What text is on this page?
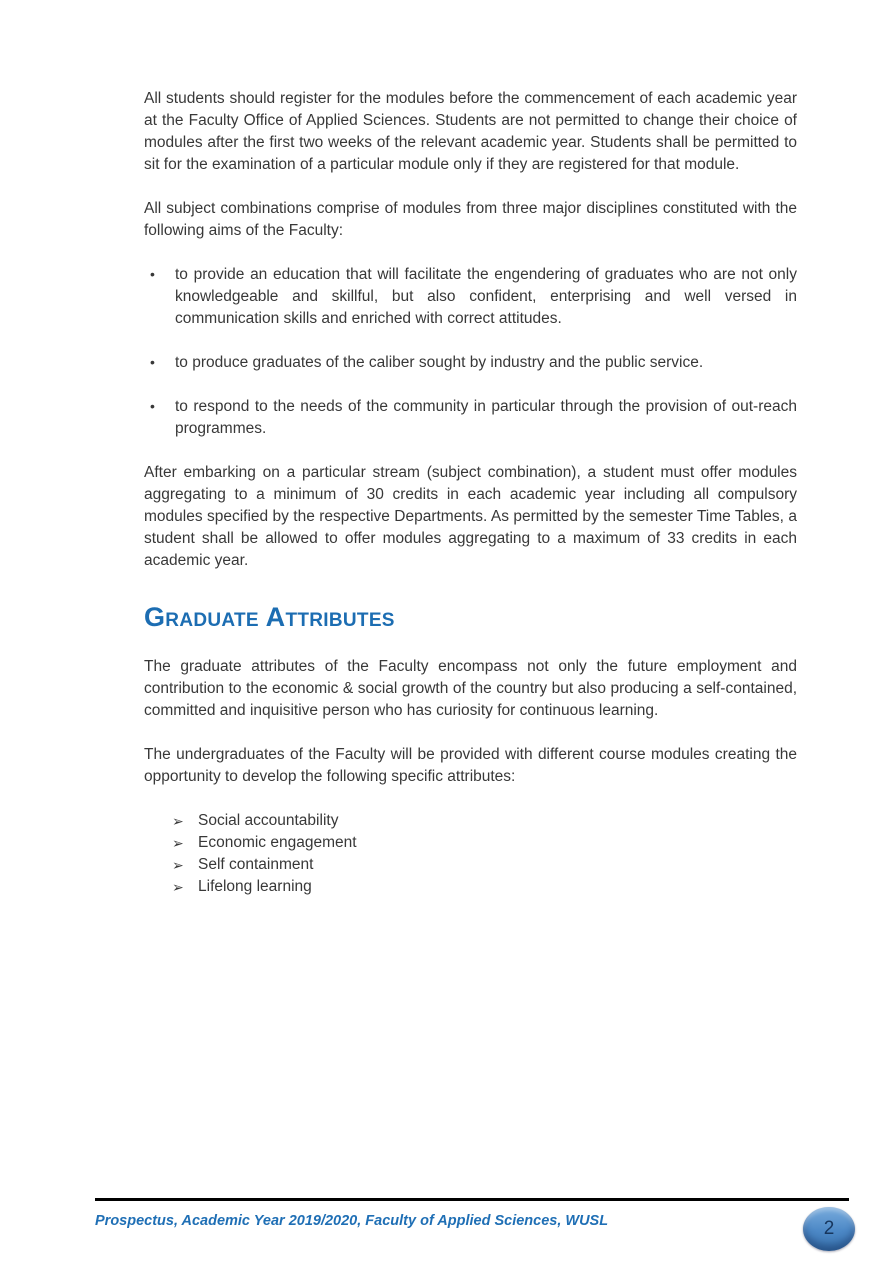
All students should register for the modules before the commencement of each academic year at the Faculty Office of Applied Sciences. Students are not permitted to change their choice of modules after the first two weeks of the relevant academic year. Students shall be permitted to sit for the examination of a particular module only if they are registered for that module.

All subject combinations comprise of modules from three major disciplines constituted with the following aims of the Faculty:

• to provide an education that will facilitate the engendering of graduates who are not only knowledgeable and skillful, but also confident, enterprising and well versed in communication skills and enriched with correct attitudes.
• to produce graduates of the caliber sought by industry and the public service.
• to respond to the needs of the community in particular through the provision of out-reach programmes.

After embarking on a particular stream (subject combination), a student must offer modules aggregating to a minimum of 30 credits in each academic year including all compulsory modules specified by the respective Departments. As permitted by the semester Time Tables, a student shall be allowed to offer modules aggregating to a maximum of 33 credits in each academic year.

Graduate Attributes

The graduate attributes of the Faculty encompass not only the future employment and contribution to the economic & social growth of the country but also producing a self-contained, committed and inquisitive person who has curiosity for continuous learning.

The undergraduates of the Faculty will be provided with different course modules creating the opportunity to develop the following specific attributes:

➢ Social accountability
➢ Economic engagement
➢ Self containment
➢ Lifelong learning
Prospectus, Academic Year 2019/2020, Faculty of Applied Sciences, WUSL	2
